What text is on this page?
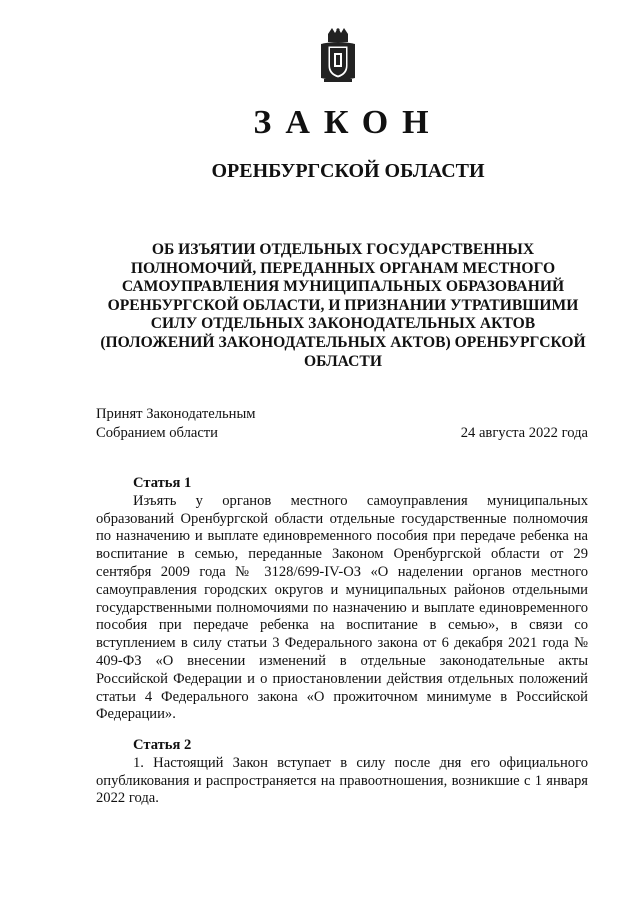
ЗАКОН
ОРЕНБУРГСКОЙ ОБЛАСТИ
ОБ ИЗЪЯТИИ ОТДЕЛЬНЫХ ГОСУДАРСТВЕННЫХ ПОЛНОМОЧИЙ, ПЕРЕДАННЫХ ОРГАНАМ МЕСТНОГО САМОУПРАВЛЕНИЯ МУНИЦИПАЛЬНЫХ ОБРАЗОВАНИЙ ОРЕНБУРГСКОЙ ОБЛАСТИ, И ПРИЗНАНИИ УТРАТИВШИМИ СИЛУ ОТДЕЛЬНЫХ ЗАКОНОДАТЕЛЬНЫХ АКТОВ (ПОЛОЖЕНИЙ ЗАКОНОДАТЕЛЬНЫХ АКТОВ) ОРЕНБУРГСКОЙ ОБЛАСТИ
Принят Законодательным
Собранием области	24 августа 2022 года
Статья 1

Изъять у органов местного самоуправления муниципальных образований Оренбургской области отдельные государственные полномочия по назначению и выплате единовременного пособия при передаче ребенка на воспитание в семью, переданные Законом Оренбургской области от 29 сентября 2009 года № 3128/699-IV-ОЗ «О наделении органов местного самоуправления городских округов и муниципальных районов отдельными государственными полномочиями по назначению и выплате единовременного пособия при передаче ребенка на воспитание в семью», в связи со вступлением в силу статьи 3 Федерального закона от 6 декабря 2021 года № 409-ФЗ «О внесении изменений в отдельные законодательные акты Российской Федерации и о приостановлении действия отдельных положений статьи 4 Федерального закона «О прожиточном минимуме в Российской Федерации».

Статья 2

1. Настоящий Закон вступает в силу после дня его официального опубликования и распространяется на правоотношения, возникшие с 1 января 2022 года.
